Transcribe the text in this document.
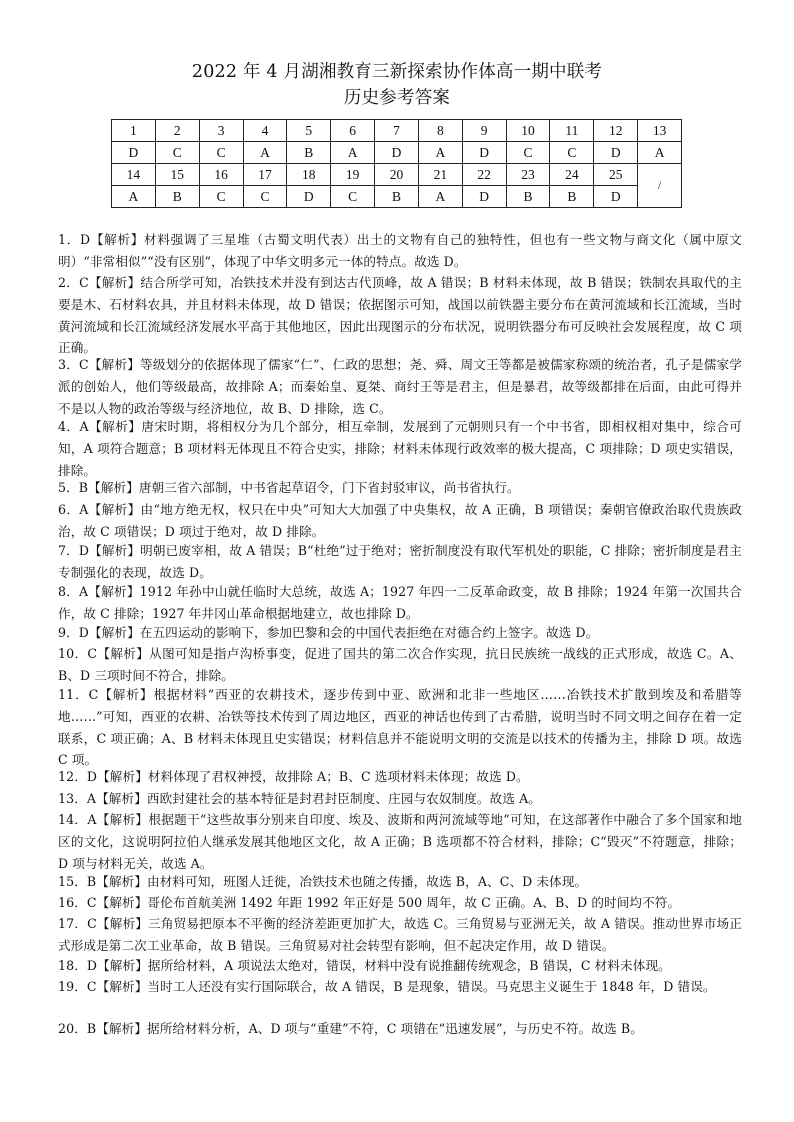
2022 年 4 月湖湘教育三新探索协作体高一期中联考
历史参考答案
1	2	3	4	5	6	7	8	9	10	11	12	13
D	C	C	A	B	A	D	A	D	C	C	D	A
14	15	16	17	18	19	20	21	22	23	24	25	/
A	B	C	C	D	C	B	A	D	B	B	D	

1．D【解析】材料强调了三星堆（古蜀文明代表）出土的文物有自己的独特性，但也有一些文物与商文化（属中原文明）“非常相似”“没有区别”，体现了中华文明多元一体的特点。故选 D。

2．C【解析】结合所学可知，冶铁技术并没有到达古代顶峰，故 A 错误；B 材料未体现，故 B 错误；铁制农具取代的主要是木、石材料农具，并且材料未体现，故 D 错误；依据图示可知，战国以前铁器主要分布在黄河流域和长江流域，当时黄河流域和长江流域经济发展水平高于其他地区，因此出现图示的分布状况，说明铁器分布可反映社会发展程度，故 C 项正确。

3．C【解析】等级划分的依据体现了儒家“仁”、仁政的思想；尧、舜、周文王等都是被儒家称颂的统治者，孔子是儒家学派的创始人，他们等级最高，故排除 A；而秦始皇、夏桀、商纣王等是君主，但是暴君，故等级都排在后面，由此可得并不是以人物的政治等级与经济地位，故 B、D 排除，选 C。

4．A【解析】唐宋时期，将相权分为几个部分，相互牵制，发展到了元朝则只有一个中书省，即相权相对集中，综合可知，A 项符合题意；B 项材料无体现且不符合史实，排除；材料未体现行政效率的极大提高，C 项排除；D 项史实错误，排除。

5．B【解析】唐朝三省六部制，中书省起草诏令，门下省封驳审议，尚书省执行。

6．A【解析】由“地方绝无权，权只在中央”可知大大加强了中央集权，故 A 正确，B 项错误；秦朝官僚政治取代贵族政治，故 C 项错误；D 项过于绝对，故 D 排除。

7．D【解析】明朝已废宰相，故 A 错误；B“杜绝”过于绝对；密折制度没有取代军机处的职能，C 排除；密折制度是君主专制强化的表现，故选 D。

8．A【解析】1912 年孙中山就任临时大总统，故选 A；1927 年四一二反革命政变，故 B 排除；1924 年第一次国共合作，故 C 排除；1927 年井冈山革命根据地建立，故也排除 D。

9．D【解析】在五四运动的影响下，参加巴黎和会的中国代表拒绝在对德合约上签字。故选 D。

10．C【解析】从图可知是指卢沟桥事变，促进了国共的第二次合作实现，抗日民族统一战线的正式形成，故选 C。A、B、D 三项时间不符合，排除。

11．C【解析】根据材料“西亚的农耕技术，逐步传到中亚、欧洲和北非一些地区……冶铁技术扩散到埃及和希腊等地……”可知，西亚的农耕、冶铁等技术传到了周边地区，西亚的神话也传到了古希腊，说明当时不同文明之间存在着一定联系，C 项正确；A、B 材料未体现且史实错误；材料信息并不能说明文明的交流是以技术的传播为主，排除 D 项。故选 C 项。

12．D【解析】材料体现了君权神授，故排除 A；B、C 选项材料未体现；故选 D。

13．A【解析】西欧封建社会的基本特征是封君封臣制度、庄园与农奴制度。故选 A。

14．A【解析】根据题干“这些故事分别来自印度、埃及、波斯和两河流域等地”可知，在这部著作中融合了多个国家和地区的文化，这说明阿拉伯人继承发展其他地区文化，故 A 正确；B 选项都不符合材料，排除；C“毁灭”不符题意，排除；D 项与材料无关，故选 A。

15．B【解析】由材料可知，班图人迁徙，冶铁技术也随之传播，故选 B，A、C、D 未体现。

16．C【解析】哥伦布首航美洲 1492 年距 1992 年正好是 500 周年，故 C 正确。A、B、D 的时间均不符。

17．C【解析】三角贸易把原本不平衡的经济差距更加扩大，故选 C。三角贸易与亚洲无关，故 A 错误。推动世界市场正式形成是第二次工业革命，故 B 错误。三角贸易对社会转型有影响，但不起决定作用，故 D 错误。

18．D【解析】据所给材料，A 项说法太绝对，错误，材料中没有说推翻传统观念，B 错误，C 材料未体现。

19．C【解析】当时工人还没有实行国际联合，故 A 错误，B 是现象，错误。马克思主义诞生于 1848 年，D 错误。

20．B【解析】据所给材料分析，A、D 项与“重建”不符，C 项错在“迅速发展”，与历史不符。故选 B。
